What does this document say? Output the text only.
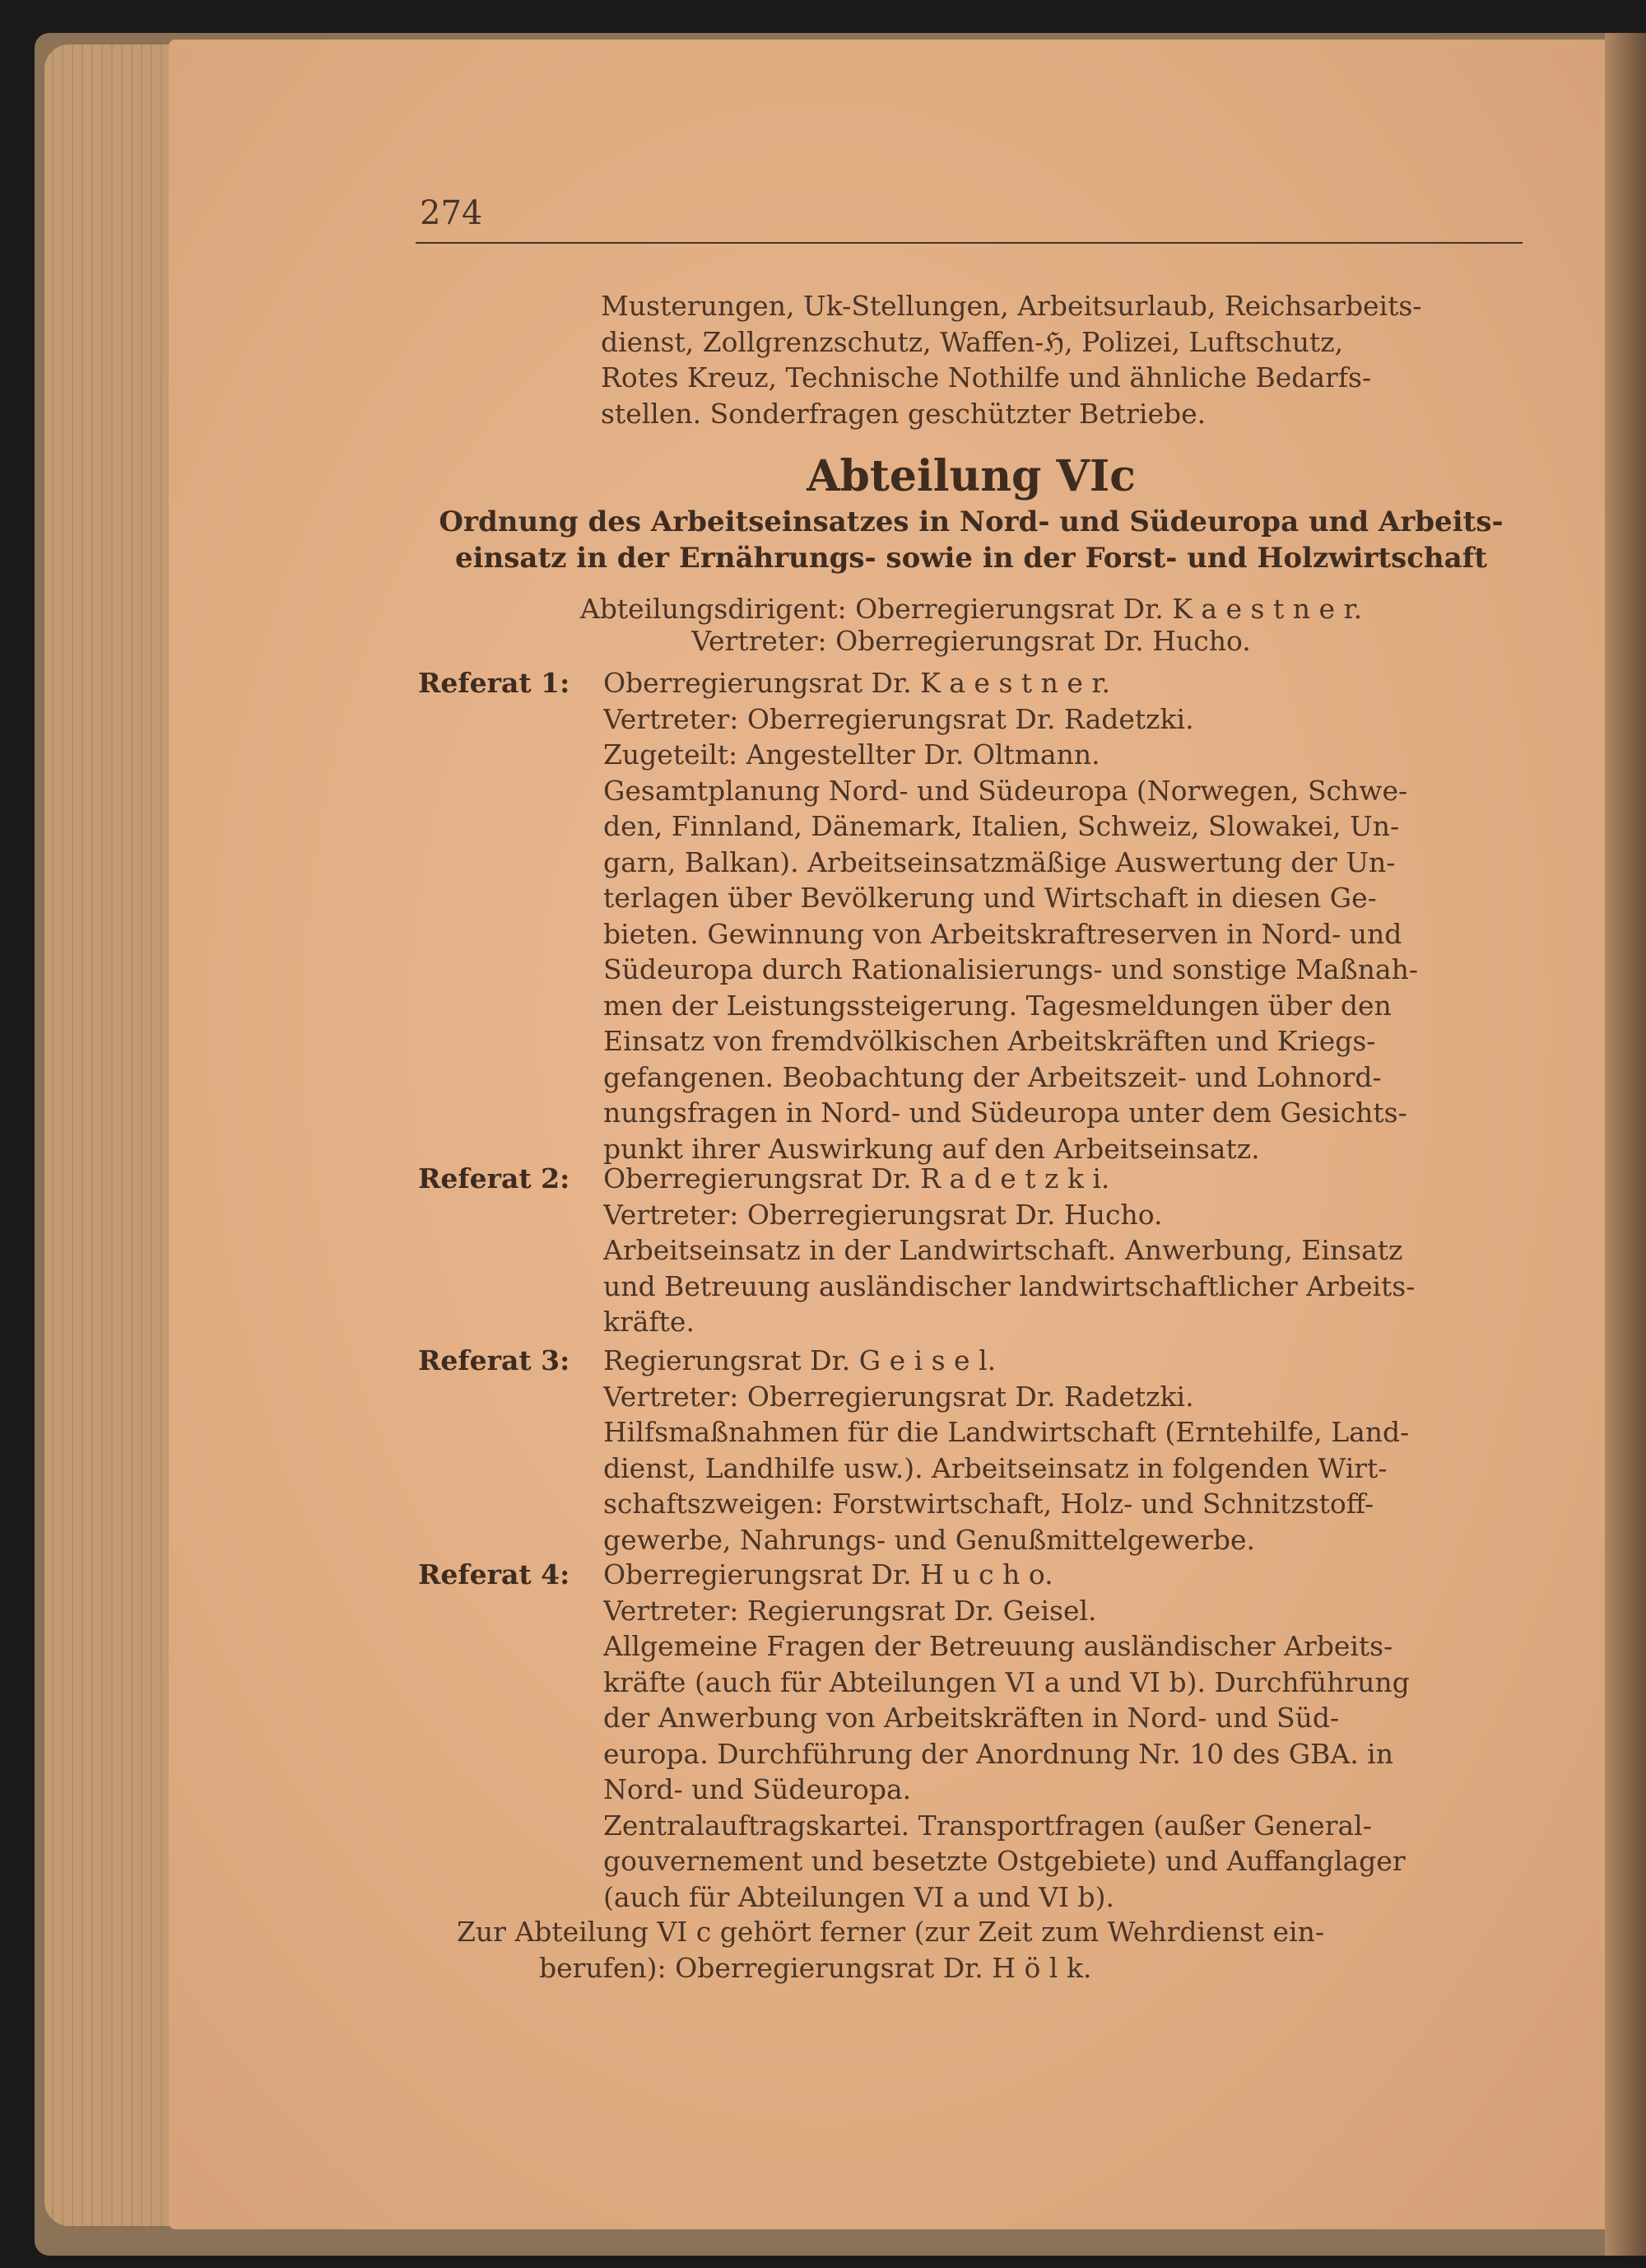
274
Musterungen, Uk-Stellungen, Arbeitsurlaub, Reichsarbeits-
dienst, Zollgrenzschutz, Waffen-ℌ, Polizei, Luftschutz,
Rotes Kreuz, Technische Nothilfe und ähnliche Bedarfs-
stellen. Sonderfragen geschützter Betriebe.
Abteilung VIc
Ordnung des Arbeitseinsatzes in Nord- und Südeuropa und Arbeits-
einsatz in der Ernährungs- sowie in der Forst- und Holzwirtschaft
Abteilungsdirigent: Oberregierungsrat Dr. K a e s t n e r.
Vertreter: Oberregierungsrat Dr. Hucho.
Referat 1: Oberregierungsrat Dr. K a e s t n e r.
Vertreter: Oberregierungsrat Dr. Radetzki.
Zugeteilt: Angestellter Dr. Oltmann.
Gesamtplanung Nord- und Südeuropa (Norwegen, Schwe-
den, Finnland, Dänemark, Italien, Schweiz, Slowakei, Un-
garn, Balkan). Arbeitseinsatzmäßige Auswertung der Un-
terlagen über Bevölkerung und Wirtschaft in diesen Ge-
bieten. Gewinnung von Arbeitskraftreserven in Nord- und
Südeuropa durch Rationalisierungs- und sonstige Maßnah-
men der Leistungssteigerung. Tagesmeldungen über den
Einsatz von fremdvölkischen Arbeitskräften und Kriegs-
gefangenen. Beobachtung der Arbeitszeit- und Lohnord-
nungsfragen in Nord- und Südeuropa unter dem Gesichts-
punkt ihrer Auswirkung auf den Arbeitseinsatz.
Referat 2: Oberregierungsrat Dr. R a d e t z k i.
Vertreter: Oberregierungsrat Dr. Hucho.
Arbeitseinsatz in der Landwirtschaft. Anwerbung, Einsatz
und Betreuung ausländischer landwirtschaftlicher Arbeits-
kräfte.
Referat 3: Regierungsrat Dr. G e i s e l.
Vertreter: Oberregierungsrat Dr. Radetzki.
Hilfsmaßnahmen für die Landwirtschaft (Erntehilfe, Land-
dienst, Landhilfe usw.). Arbeitseinsatz in folgenden Wirt-
schaftszweigen: Forstwirtschaft, Holz- und Schnitzstoff-
gewerbe, Nahrungs- und Genußmittelgewerbe.
Referat 4: Oberregierungsrat Dr. H u c h o.
Vertreter: Regierungsrat Dr. Geisel.
Allgemeine Fragen der Betreuung ausländischer Arbeits-
kräfte (auch für Abteilungen VI a und VI b). Durchführung
der Anwerbung von Arbeitskräften in Nord- und Süd-
europa. Durchführung der Anordnung Nr. 10 des GBA. in
Nord- und Südeuropa.
Zentralauftragskartei. Transportfragen (außer General-
gouvernement und besetzte Ostgebiete) und Auffanglager
(auch für Abteilungen VI a und VI b).
Zur Abteilung VI c gehört ferner (zur Zeit zum Wehrdienst ein-
berufen): Oberregierungsrat Dr. H ö l k.
